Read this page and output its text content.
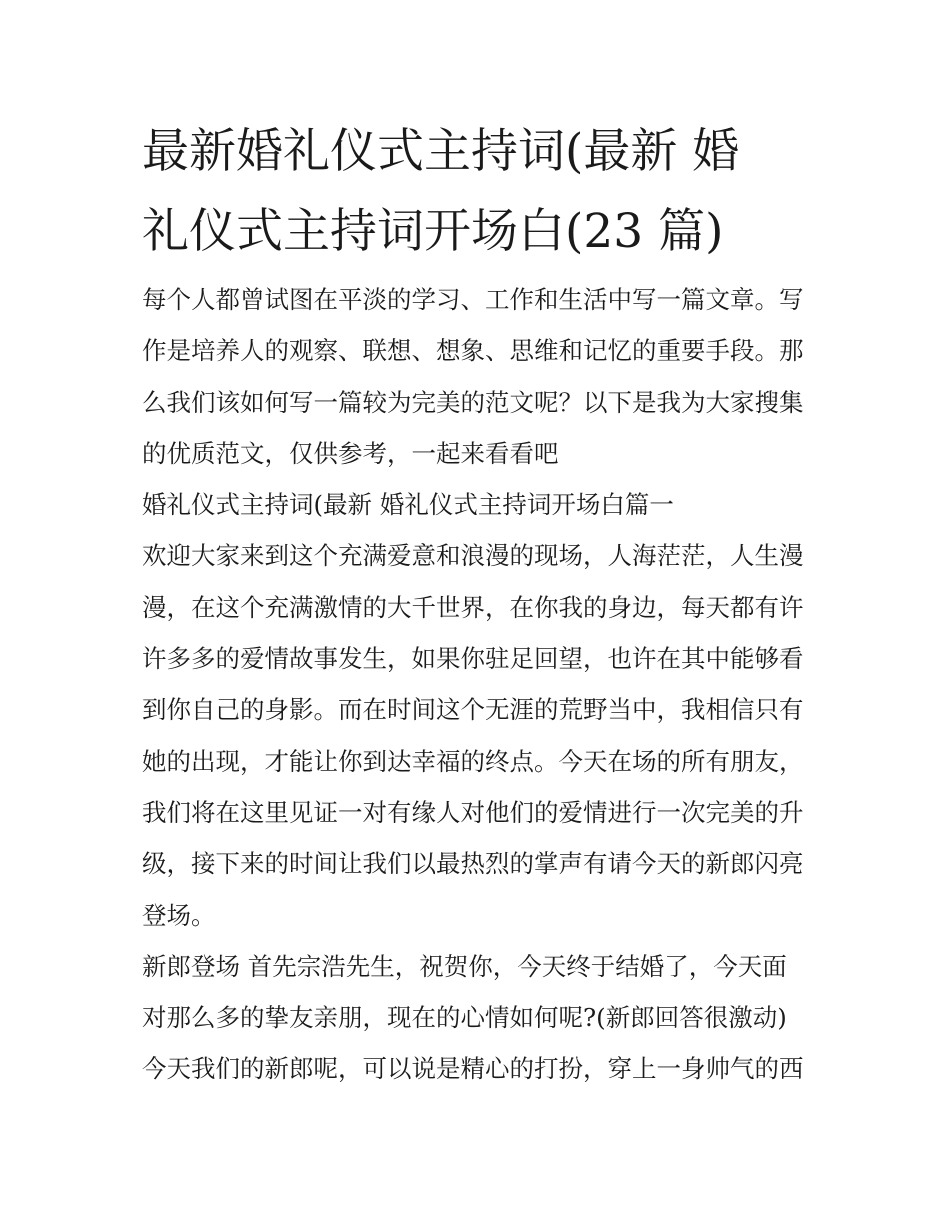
最新婚礼仪式主持词(最新 婚
礼仪式主持词开场白(23 篇)
每个人都曾试图在平淡的学习、工作和生活中写一篇文章。写
作是培养人的观察、联想、想象、思维和记忆的重要手段。那
么我们该如何写一篇较为完美的范文呢？以下是我为大家搜集
的优质范文，仅供参考，一起来看看吧
婚礼仪式主持词(最新 婚礼仪式主持词开场白篇一
欢迎大家来到这个充满爱意和浪漫的现场，人海茫茫，人生漫
漫，在这个充满激情的大千世界，在你我的身边，每天都有许
许多多的爱情故事发生，如果你驻足回望，也许在其中能够看
到你自己的身影。而在时间这个无涯的荒野当中，我相信只有
她的出现，才能让你到达幸福的终点。今天在场的所有朋友，
我们将在这里见证一对有缘人对他们的爱情进行一次完美的升
级，接下来的时间让我们以最热烈的掌声有请今天的新郎闪亮
登场。
新郎登场 首先宗浩先生，祝贺你，今天终于结婚了，今天面
对那么多的挚友亲朋，现在的心情如何呢?(新郎回答很激动)
今天我们的新郎呢，可以说是精心的打扮，穿上一身帅气的西
